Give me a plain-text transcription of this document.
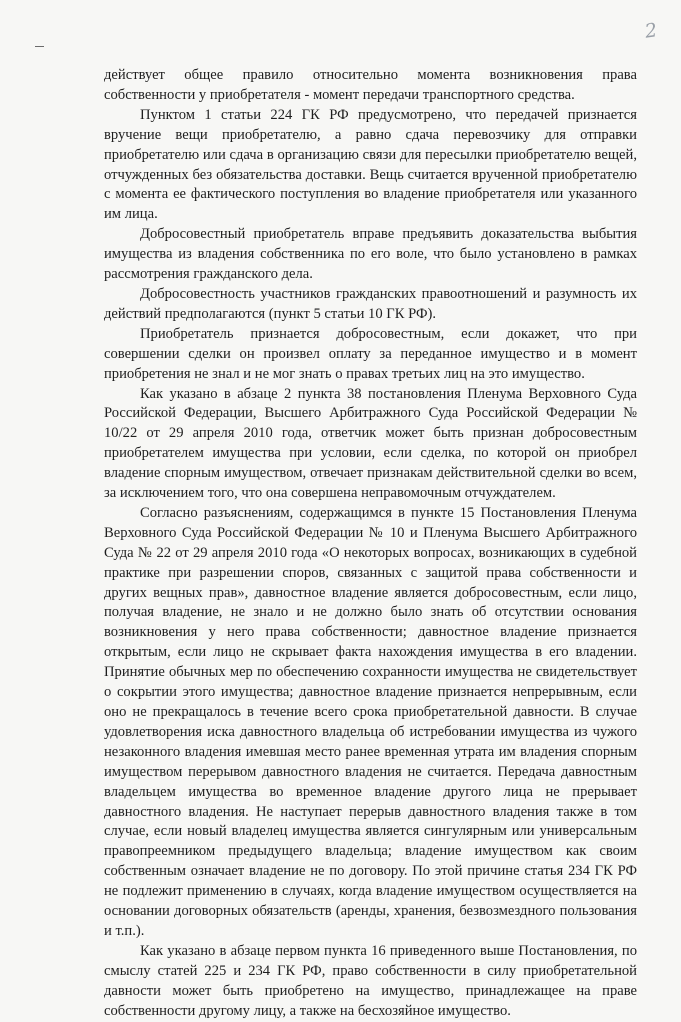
2

действует общее правило относительно момента возникновения права собственности у приобретателя - момент передачи транспортного средства.

Пунктом 1 статьи 224 ГК РФ предусмотрено, что передачей признается вручение вещи приобретателю, а равно сдача перевозчику для отправки приобретателю или сдача в организацию связи для пересылки приобретателю вещей, отчужденных без обязательства доставки. Вещь считается врученной приобретателю с момента ее фактического поступления во владение приобретателя или указанного им лица.

Добросовестный приобретатель вправе предъявить доказательства выбытия имущества из владения собственника по его воле, что было установлено в рамках рассмотрения гражданского дела.

Добросовестность участников гражданских правоотношений и разумность их действий предполагаются (пункт 5 статьи 10 ГК РФ).

Приобретатель признается добросовестным, если докажет, что при совершении сделки он произвел оплату за переданное имущество и в момент приобретения не знал и не мог знать о правах третьих лиц на это имущество.

Как указано в абзаце 2 пункта 38 постановления Пленума Верховного Суда Российской Федерации, Высшего Арбитражного Суда Российской Федерации № 10/22 от 29 апреля 2010 года, ответчик может быть признан добросовестным приобретателем имущества при условии, если сделка, по которой он приобрел владение спорным имуществом, отвечает признакам действительной сделки во всем, за исключением того, что она совершена неправомочным отчуждателем.

Согласно разъяснениям, содержащимся в пункте 15 Постановления Пленума Верховного Суда Российской Федерации № 10 и Пленума Высшего Арбитражного Суда № 22 от 29 апреля 2010 года «О некоторых вопросах, возникающих в судебной практике при разрешении споров, связанных с защитой права собственности и других вещных прав», давностное владение является добросовестным, если лицо, получая владение, не знало и не должно было знать об отсутствии основания возникновения у него права собственности; давностное владение признается открытым, если лицо не скрывает факта нахождения имущества в его владении. Принятие обычных мер по обеспечению сохранности имущества не свидетельствует о сокрытии этого имущества; давностное владение признается непрерывным, если оно не прекращалось в течение всего срока приобретательной давности. В случае удовлетворения иска давностного владельца об истребовании имущества из чужого незаконного владения имевшая место ранее временная утрата им владения спорным имуществом перерывом давностного владения не считается. Передача давностным владельцем имущества во временное владение другого лица не прерывает давностного владения. Не наступает перерыв давностного владения также в том случае, если новый владелец имущества является сингулярным или универсальным правопреемником предыдущего владельца; владение имуществом как своим собственным означает владение не по договору. По этой причине статья 234 ГК РФ не подлежит применению в случаях, когда владение имуществом осуществляется на основании договорных обязательств (аренды, хранения, безвозмездного пользования и т.п.).

Как указано в абзаце первом пункта 16 приведенного выше Постановления, по смыслу статей 225 и 234 ГК РФ, право собственности в силу приобретательной давности может быть приобретено на имущество, принадлежащее на праве собственности другому лицу, а также на бесхозяйное имущество.
